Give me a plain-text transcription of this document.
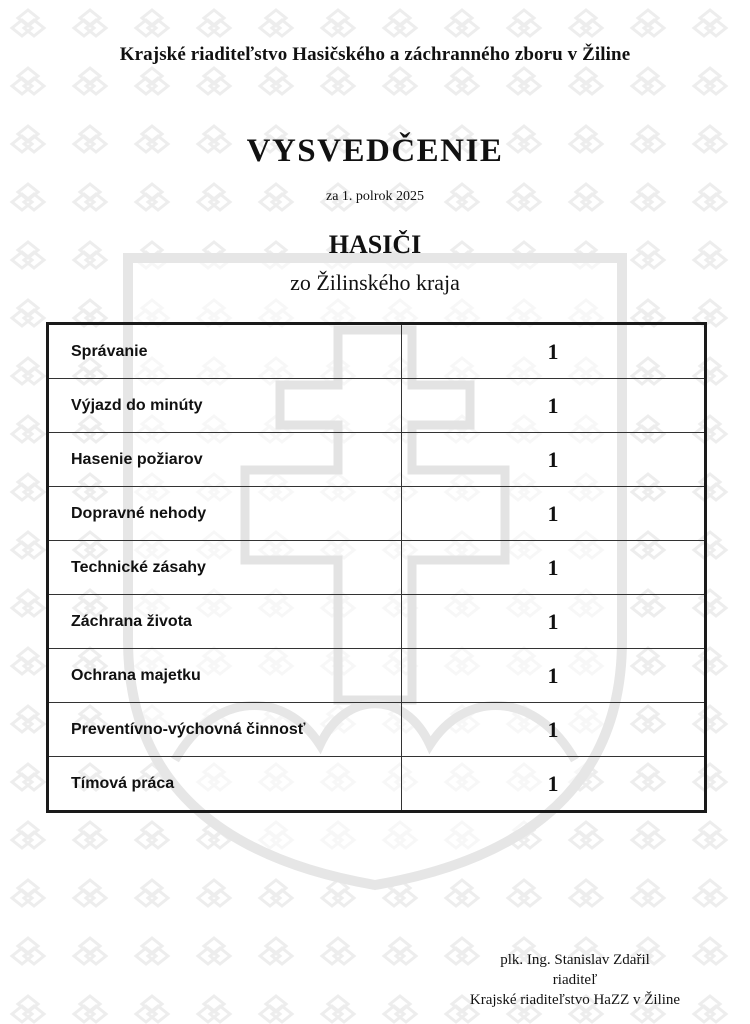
Krajské riaditeľstvo Hasičského a záchranného zboru v Žiline
VYSVEDČENIE
za 1. polrok 2025
HASIČI
zo Žilinského kraja
Správanie	1
Výjazd do minúty	1
Hasenie požiarov	1
Dopravné nehody	1
Technické zásahy	1
Záchrana života	1
Ochrana majetku	1
Preventívno-výchovná činnosť	1
Tímová práca	1
plk. Ing. Stanislav Zdařil
riaditeľ
Krajské riaditeľstvo HaZZ v Žiline
